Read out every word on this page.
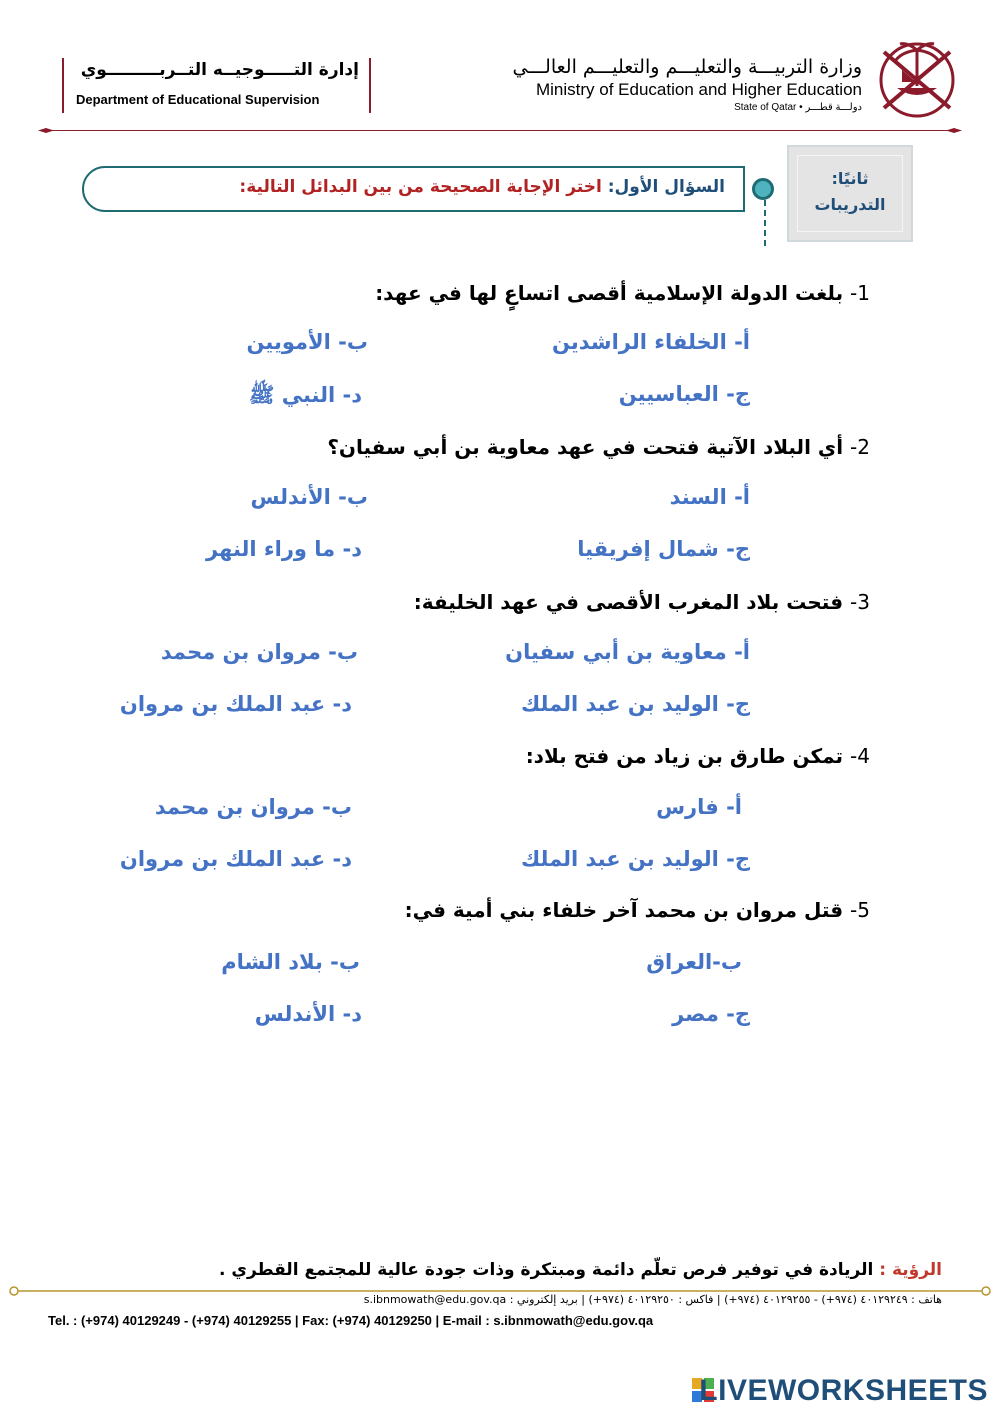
إدارة التـــــوجيــه التــربـــــــــوي
Department of Educational Supervision
وزارة التربيـــة والتعليـــم والتعليـــم العالـــي
Ministry of Education and Higher Education
State of Qatar • دولـــة قطـــر
ثانيًا:
التدريبات
السؤال الأول: اختر الإجابة الصحيحة من بين البدائل التالية:
1- بلغت الدولة الإسلامية أقصى اتساعٍ لها في عهد:
أ- الخلفاء الراشدين
ب- الأمويين
ج- العباسيين
د- النبي ﷺ
2- أي البلاد الآتية فتحت في عهد معاوية بن أبي سفيان؟
أ- السند
ب- الأندلس
ج- شمال إفريقيا
د- ما وراء النهر
3- فتحت بلاد المغرب الأقصى في عهد الخليفة:
أ- معاوية بن أبي سفيان
ب- مروان بن محمد
ج- الوليد بن عبد الملك
د- عبد الملك بن مروان
4- تمكن طارق بن زياد من فتح بلاد:
أ- فارس
ب- مروان بن محمد
ج- الوليد بن عبد الملك
د- عبد الملك بن مروان
5- قتل مروان بن محمد آخر خلفاء بني أمية في:
ب-العراق
ب- بلاد الشام
ج- مصر
د- الأندلس
الرؤية : الريادة في توفير فرص تعلّم دائمة ومبتكرة وذات جودة عالية للمجتمع القطري .
هاتف : ٤٠١٢٩٢٤٩ (٩٧٤+) - ٤٠١٢٩٢٥٥ (٩٧٤+) | فاكس : ٤٠١٢٩٢٥٠ (٩٧٤+) | بريد إلكتروني : s.ibnmowath@edu.gov.qa
Tel. : (+974) 40129249 - (+974) 40129255 | Fax: (+974) 40129250 | E-mail : s.ibnmowath@edu.gov.qa
LIVEWORKSHEETS
